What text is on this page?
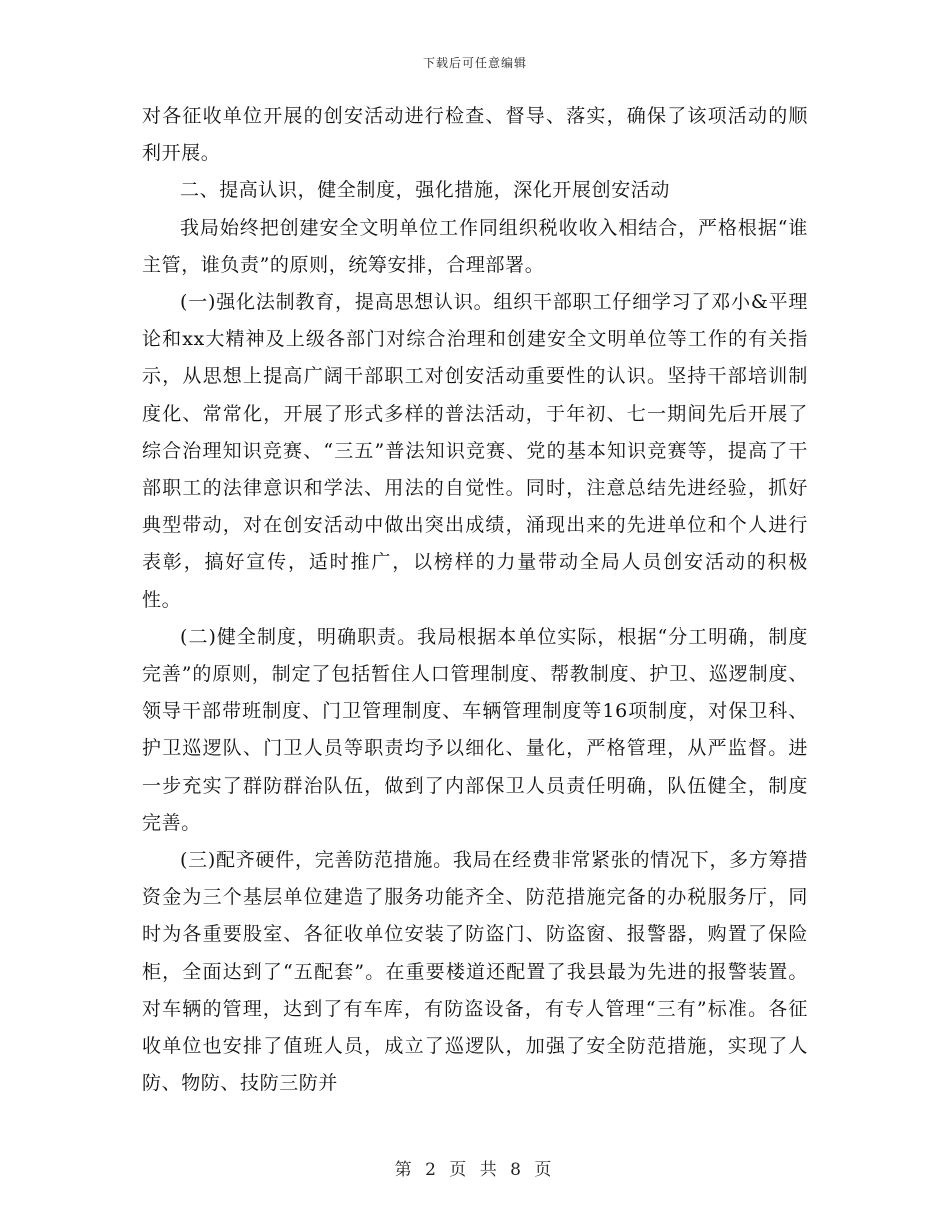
下载后可任意编辑

对各征收单位开展的创安活动进行检查、督导、落实，确保了该项活动的顺利开展。

二、提高认识，健全制度，强化措施，深化开展创安活动

我局始终把创建安全文明单位工作同组织税收收入相结合，严格根据“谁主管，谁负责”的原则，统筹安排，合理部署。

(一)强化法制教育，提高思想认识。组织干部职工仔细学习了邓小&平理论和xx大精神及上级各部门对综合治理和创建安全文明单位等工作的有关指示，从思想上提高广阔干部职工对创安活动重要性的认识。坚持干部培训制度化、常常化，开展了形式多样的普法活动，于年初、七一期间先后开展了综合治理知识竞赛、“三五”普法知识竞赛、党的基本知识竞赛等，提高了干部职工的法律意识和学法、用法的自觉性。同时，注意总结先进经验，抓好典型带动，对在创安活动中做出突出成绩，涌现出来的先进单位和个人进行表彰，搞好宣传，适时推广，以榜样的力量带动全局人员创安活动的积极性。

(二)健全制度，明确职责。我局根据本单位实际，根据“分工明确，制度完善”的原则，制定了包括暂住人口管理制度、帮教制度、护卫、巡逻制度、领导干部带班制度、门卫管理制度、车辆管理制度等16项制度，对保卫科、护卫巡逻队、门卫人员等职责均予以细化、量化，严格管理，从严监督。进一步充实了群防群治队伍，做到了内部保卫人员责任明确，队伍健全，制度完善。

(三)配齐硬件，完善防范措施。我局在经费非常紧张的情况下，多方筹措资金为三个基层单位建造了服务功能齐全、防范措施完备的办税服务厅，同时为各重要股室、各征收单位安装了防盗门、防盗窗、报警器，购置了保险柜，全面达到了“五配套”。在重要楼道还配置了我县最为先进的报警装置。对车辆的管理，达到了有车库，有防盗设备，有专人管理“三有”标准。各征收单位也安排了值班人员，成立了巡逻队，加强了安全防范措施，实现了人防、物防、技防三防并

第 2 页 共 8 页
